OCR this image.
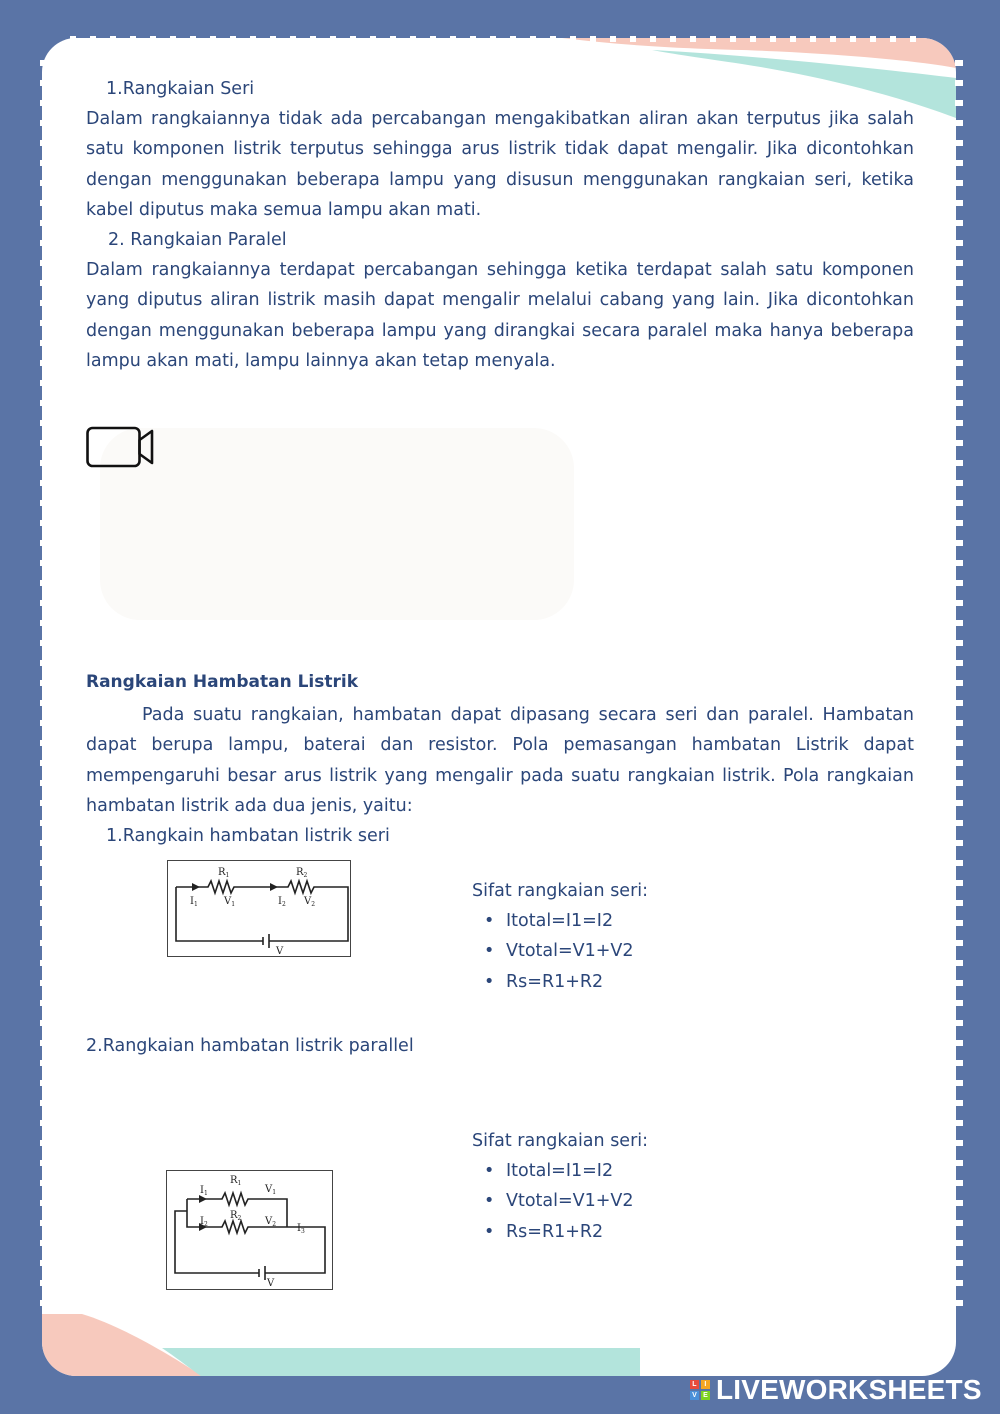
1.Rangkaian Seri

Dalam rangkaiannya tidak ada percabangan mengakibatkan aliran akan terputus jika salah satu komponen listrik terputus sehingga arus listrik tidak dapat mengalir. Jika dicontohkan dengan menggunakan beberapa lampu yang disusun menggunakan rangkaian seri, ketika kabel diputus maka semua lampu akan mati.

2. Rangkaian Paralel

Dalam rangkaiannya terdapat percabangan sehingga ketika terdapat salah satu komponen yang diputus aliran listrik masih dapat mengalir melalui cabang yang lain. Jika dicontohkan dengan menggunakan beberapa lampu yang dirangkai secara paralel maka hanya beberapa lampu akan mati, lampu lainnya akan tetap menyala.

Rangkaian Hambatan Listrik

Pada suatu rangkaian, hambatan dapat dipasang secara seri dan paralel. Hambatan dapat berupa lampu, baterai dan resistor. Pola pemasangan hambatan Listrik dapat mempengaruhi besar arus listrik yang mengalir pada suatu rangkaian listrik. Pola rangkaian hambatan listrik ada dua jenis, yaitu:

1.Rangkain hambatan listrik seri

$R_1$	$R_2$
$I_1$	$V_1$	$I_2$ $V_2$
V

Sifat rangkaian seri:

• Itotal=I1=I2
• Vtotal=V1+V2
• Rs=R1+R2

2.Rangkaian hambatan listrik parallel

$I_1$
$R_1$
$V_1$
$I_2$
$R_2$ $V_2$ $I_3$
V

Sifat rangkaian seri:

• Itotal=I1=I2
• Vtotal=V1+V2
• Rs=R1+R2
L	I
V E LIVEWORKSHEETS
